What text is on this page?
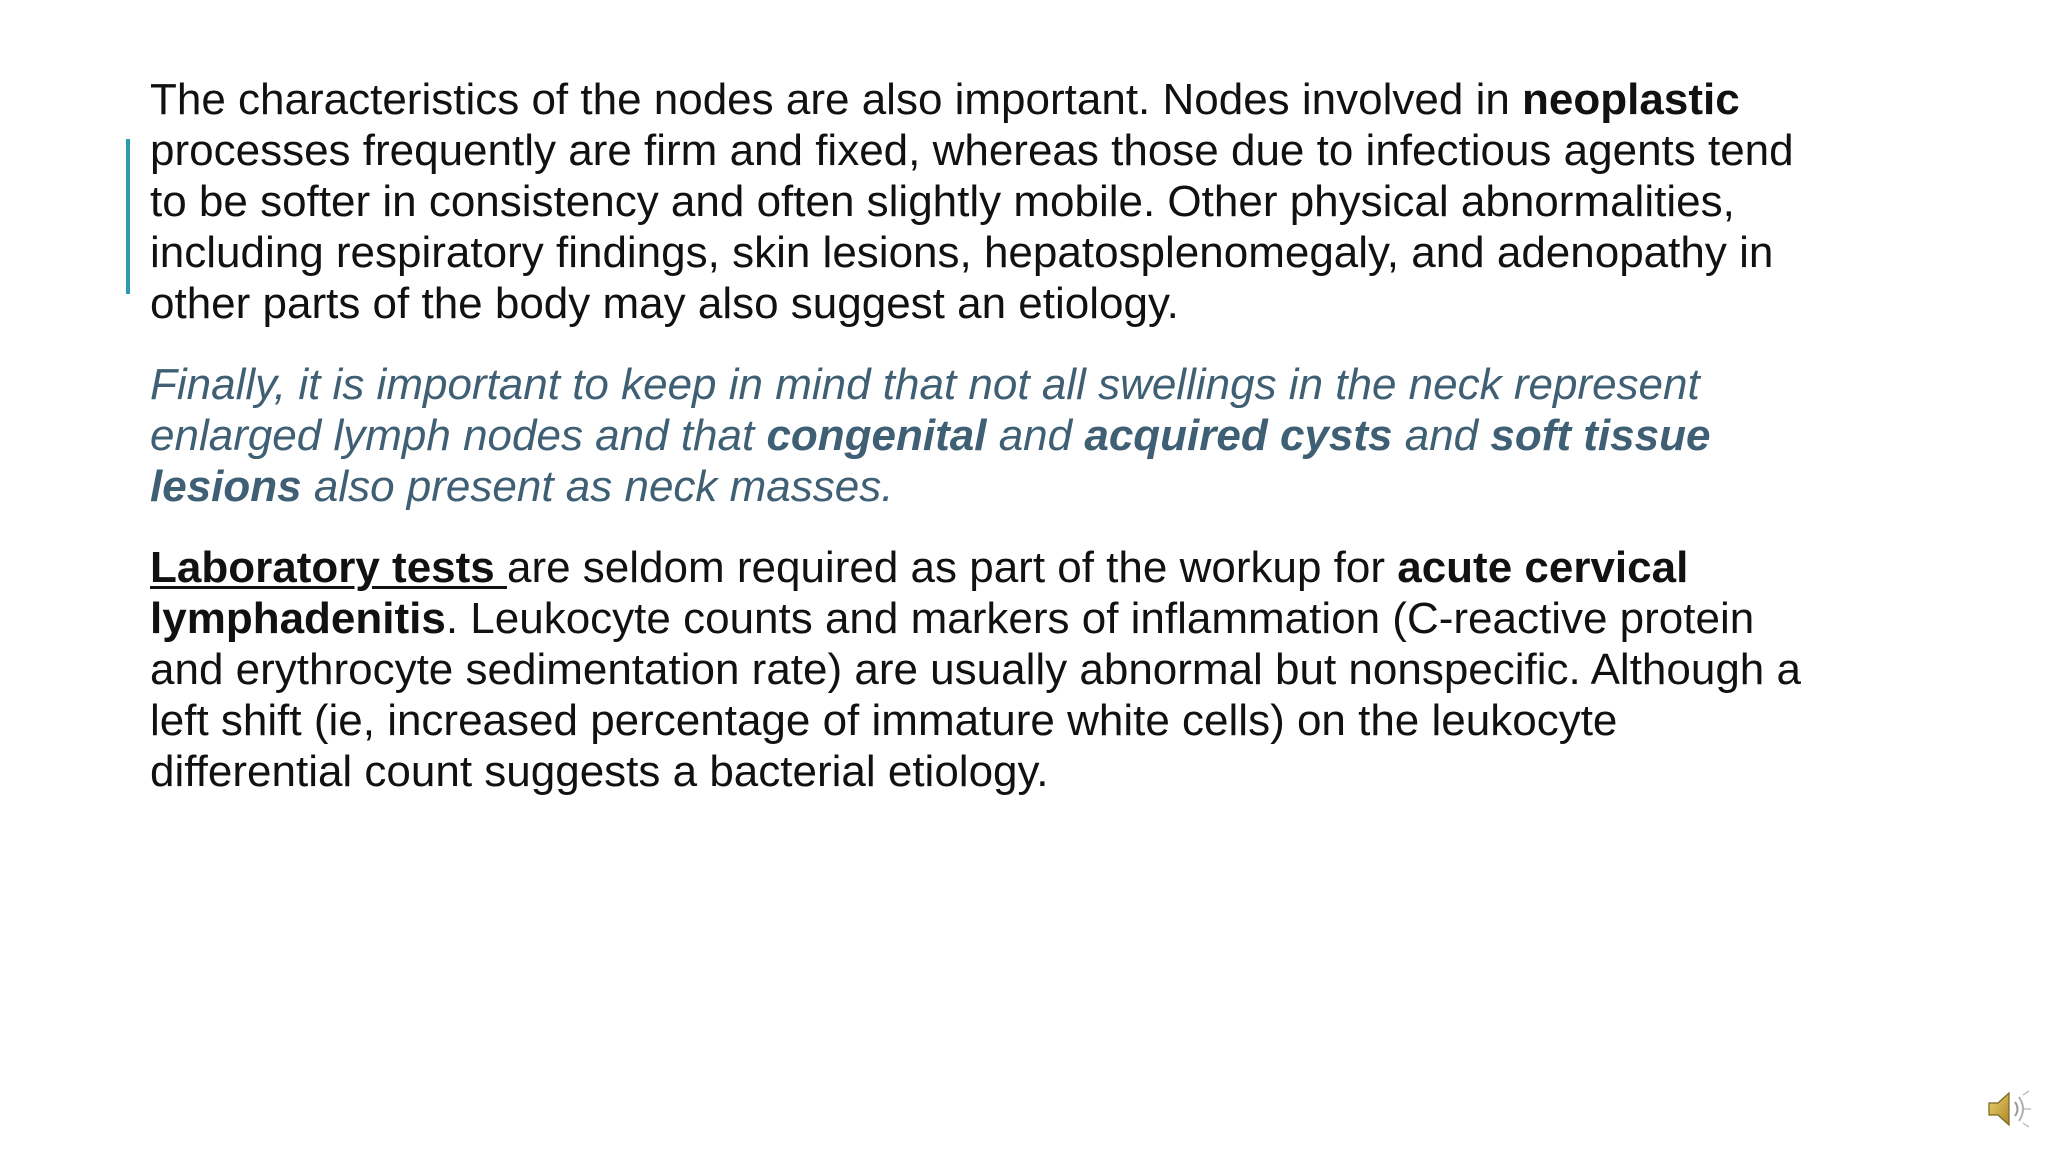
The characteristics of the nodes are also important. Nodes involved in neoplastic processes frequently are firm and fixed, whereas those due to infectious agents tend to be softer in consistency and often slightly mobile. Other physical abnormalities, including respiratory findings, skin lesions, hepatosplenomegaly, and adenopathy in other parts of the body may also suggest an etiology.

Finally, it is important to keep in mind that not all swellings in the neck represent enlarged lymph nodes and that congenital and acquired cysts and soft tissue lesions also present as neck masses.

Laboratory tests are seldom required as part of the workup for acute cervical lymphadenitis. Leukocyte counts and markers of inflammation (C-reactive protein and erythrocyte sedimentation rate) are usually abnormal but nonspecific. Although a left shift (ie, increased percentage of immature white cells) on the leukocyte differential count suggests a bacterial etiology.
